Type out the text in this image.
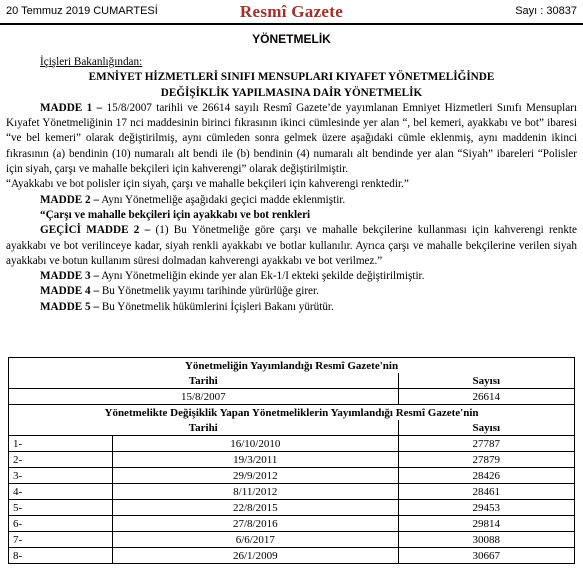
20 Temmuz 2019 CUMARTESİ	Resmî Gazete	Sayı : 30837
YÖNETMELİK

İçişleri Bakanlığından:

EMNİYET HİZMETLERİ SINIFI MENSUPLARI KIYAFET YÖNETMELİĞİNDE

DEĞİŞİKLİK YAPILMASINA DAİR YÖNETMELİK

MADDE 1 – 15/8/2007 tarihli ve 26614 sayılı Resmî Gazete’de yayımlanan Emniyet Hizmetleri Sınıfı Mensupları Kıyafet Yönetmeliğinin 17 nci maddesinin birinci fıkrasının ikinci cümlesinde yer alan “, bel kemeri, ayakkabı ve bot” ibaresi “ve bel kemeri” olarak değiştirilmiş, aynı cümleden sonra gelmek üzere aşağıdaki cümle eklenmiş, aynı maddenin ikinci fıkrasının (a) bendinin (10) numaralı alt bendi ile (b) bendinin (4) numaralı alt bendinde yer alan “Siyah” ibareleri “Polisler için siyah, çarşı ve mahalle bekçileri için kahverengi” olarak değiştirilmiştir.

“Ayakkabı ve bot polisler için siyah, çarşı ve mahalle bekçileri için kahverengi renktedir.”

MADDE 2 – Aynı Yönetmeliğe aşağıdaki geçici madde eklenmiştir.

“Çarşı ve mahalle bekçileri için ayakkabı ve bot renkleri

GEÇİCİ MADDE 2 – (1) Bu Yönetmeliğe göre çarşı ve mahalle bekçilerine kullanması için kahverengi renkte ayakkabı ve bot verilinceye kadar, siyah renkli ayakkabı ve botlar kullanılır. Ayrıca çarşı ve mahalle bekçilerine verilen siyah ayakkabı ve botun kullanım süresi dolmadan kahverengi ayakkabı ve bot verilmez.”

MADDE 3 – Aynı Yönetmeliğin ekinde yer alan Ek-1/I ekteki şekilde değiştirilmiştir.

MADDE 4 – Bu Yönetmelik yayımı tarihinde yürürlüğe girer.

MADDE 5 – Bu Yönetmelik hükümlerini İçişleri Bakanı yürütür.

Yönetmeliğin Yayımlandığı Resmî Gazete'nin		
Tarihi		Sayısı
15/8/2007		26614
Yönetmelikte Değişiklik Yapan Yönetmeliklerin Yayımlandığı Resmî Gazete'nin		
Tarihi		Sayısı
1-	16/10/2010	27787
2-	19/3/2011	27879
3-	29/9/2012	28426
4-	8/11/2012	28461
5-	22/8/2015	29453
6-	27/8/2016	29814
7-	6/6/2017	30088
8-	26/1/2009	30667
